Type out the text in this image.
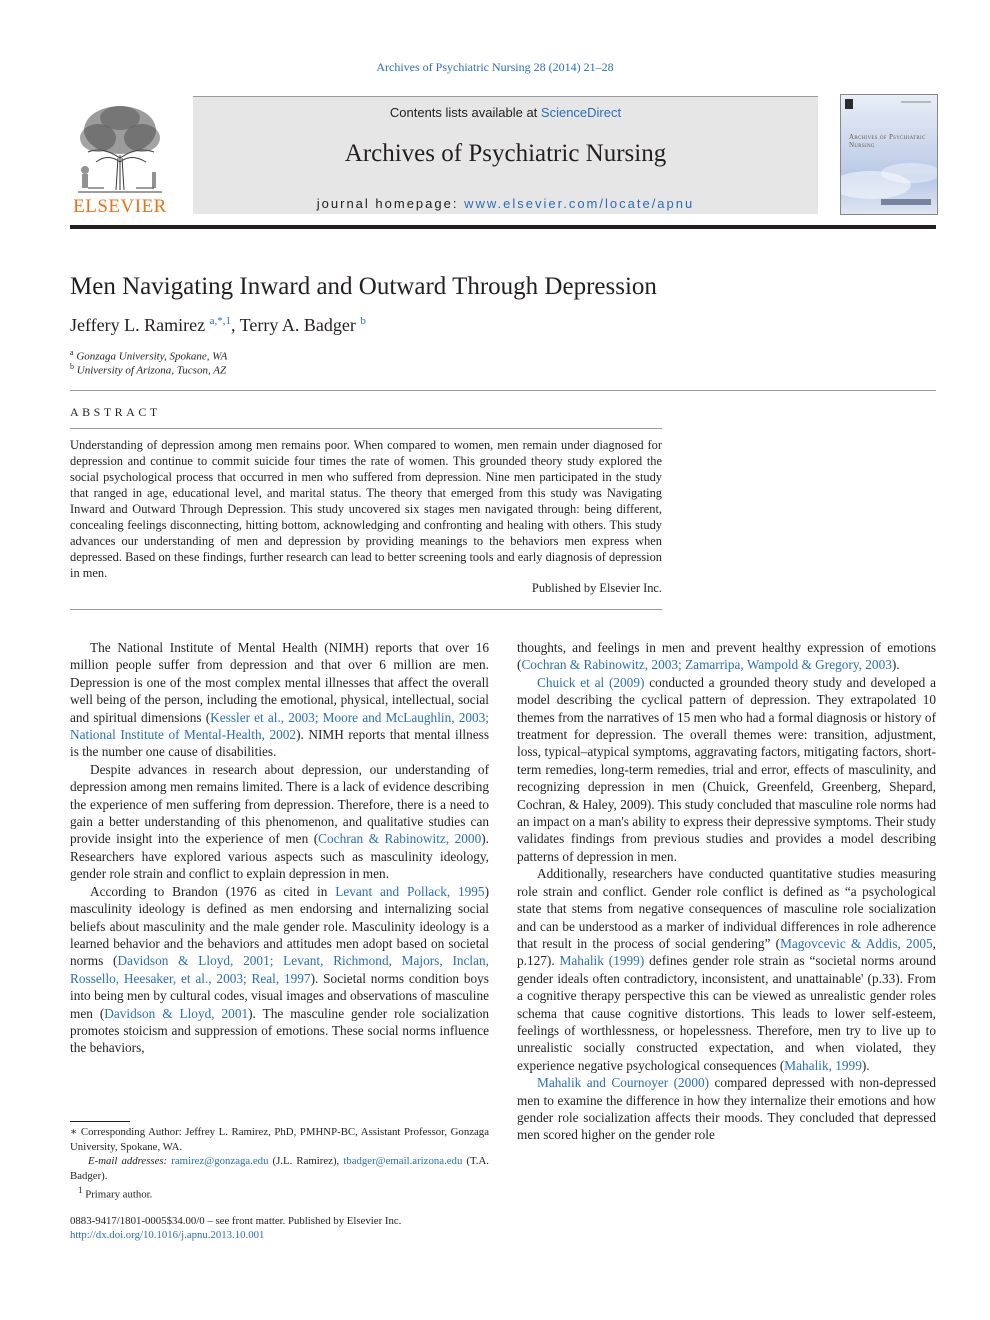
Archives of Psychiatric Nursing 28 (2014) 21–28
ELSEVIER
Contents lists available at ScienceDirect
Archives of Psychiatric Nursing
journal homepage: www.elsevier.com/locate/apnu
Archives of Psychiatric Nursing
Men Navigating Inward and Outward Through Depression
Jeffery L. Ramirez $^{a,*,1}$, Terry A. Badger $^b$
$^a$ Gonzaga University, Spokane, WA
$^b$ University of Arizona, Tucson, AZ
ABSTRACT
Understanding of depression among men remains poor. When compared to women, men remain under diagnosed for depression and continue to commit suicide four times the rate of women. This grounded theory study explored the social psychological process that occurred in men who suffered from depression. Nine men participated in the study that ranged in age, educational level, and marital status. The theory that emerged from this study was Navigating Inward and Outward Through Depression. This study uncovered six stages men navigated through: being different, concealing feelings disconnecting, hitting bottom, acknowledging and confronting and healing with others. This study advances our understanding of men and depression by providing meanings to the behaviors men express when depressed. Based on these findings, further research can lead to better screening tools and early diagnosis of depression in men.
Published by Elsevier Inc.

The National Institute of Mental Health (NIMH) reports that over 16 million people suffer from depression and that over 6 million are men. Depression is one of the most complex mental illnesses that affect the overall well being of the person, including the emotional, physical, intellectual, social and spiritual dimensions (Kessler et al., 2003; Moore and McLaughlin, 2003; National Institute of Mental-Health, 2002). NIMH reports that mental illness is the number one cause of disabilities.

Despite advances in research about depression, our understanding of depression among men remains limited. There is a lack of evidence describing the experience of men suffering from depression. Therefore, there is a need to gain a better understanding of this phenomenon, and qualitative studies can provide insight into the experience of men (Cochran & Rabinowitz, 2000). Researchers have explored various aspects such as masculinity ideology, gender role strain and conflict to explain depression in men.

According to Brandon (1976 as cited in Levant and Pollack, 1995) masculinity ideology is defined as men endorsing and internalizing social beliefs about masculinity and the male gender role. Masculinity ideology is a learned behavior and the behaviors and attitudes men adopt based on societal norms (Davidson & Lloyd, 2001; Levant, Richmond, Majors, Inclan, Rossello, Heesaker, et al., 2003; Real, 1997). Societal norms condition boys into being men by cultural codes, visual images and observations of masculine men (Davidson & Lloyd, 2001). The masculine gender role socialization promotes stoicism and suppression of emotions. These social norms influence the behaviors,

thoughts, and feelings in men and prevent healthy expression of emotions (Cochran & Rabinowitz, 2003; Zamarripa, Wampold & Gregory, 2003).

Chuick et al (2009) conducted a grounded theory study and developed a model describing the cyclical pattern of depression. They extrapolated 10 themes from the narratives of 15 men who had a formal diagnosis or history of treatment for depression. The overall themes were: transition, adjustment, loss, typical–atypical symptoms, aggravating factors, mitigating factors, short-term remedies, long-term remedies, trial and error, effects of masculinity, and recognizing depression in men (Chuick, Greenfeld, Greenberg, Shepard, Cochran, & Haley, 2009). This study concluded that masculine role norms had an impact on a man's ability to express their depressive symptoms. Their study validates findings from previous studies and provides a model describing patterns of depression in men.

Additionally, researchers have conducted quantitative studies measuring role strain and conflict. Gender role conflict is defined as “a psychological state that stems from negative consequences of masculine role socialization and can be understood as a marker of individual differences in role adherence that result in the process of social gendering” (Magovcevic & Addis, 2005, p.127). Mahalik (1999) defines gender role strain as “societal norms around gender ideals often contradictory, inconsistent, and unattainable' (p.33). From a cognitive therapy perspective this can be viewed as unrealistic gender roles schema that cause cognitive distortions. This leads to lower self-esteem, feelings of worthlessness, or hopelessness. Therefore, men try to live up to unrealistic socially constructed expectation, and when violated, they experience negative psychological consequences (Mahalik, 1999).

Mahalik and Cournoyer (2000) compared depressed with non-depressed men to examine the difference in how they internalize their emotions and how gender role socialization affects their moods. They concluded that depressed men scored higher on the gender role

∗ Corresponding Author: Jeffrey L. Ramirez, PhD, PMHNP-BC, Assistant Professor, Gonzaga University, Spokane, WA.

E-mail addresses: ramirez@gonzaga.edu (J.L. Ramirez), tbadger@email.arizona.edu (T.A. Badger).

$^1$ Primary author.

0883-9417/1801-0005$34.00/0 – see front matter. Published by Elsevier Inc.
http://dx.doi.org/10.1016/j.apnu.2013.10.001
